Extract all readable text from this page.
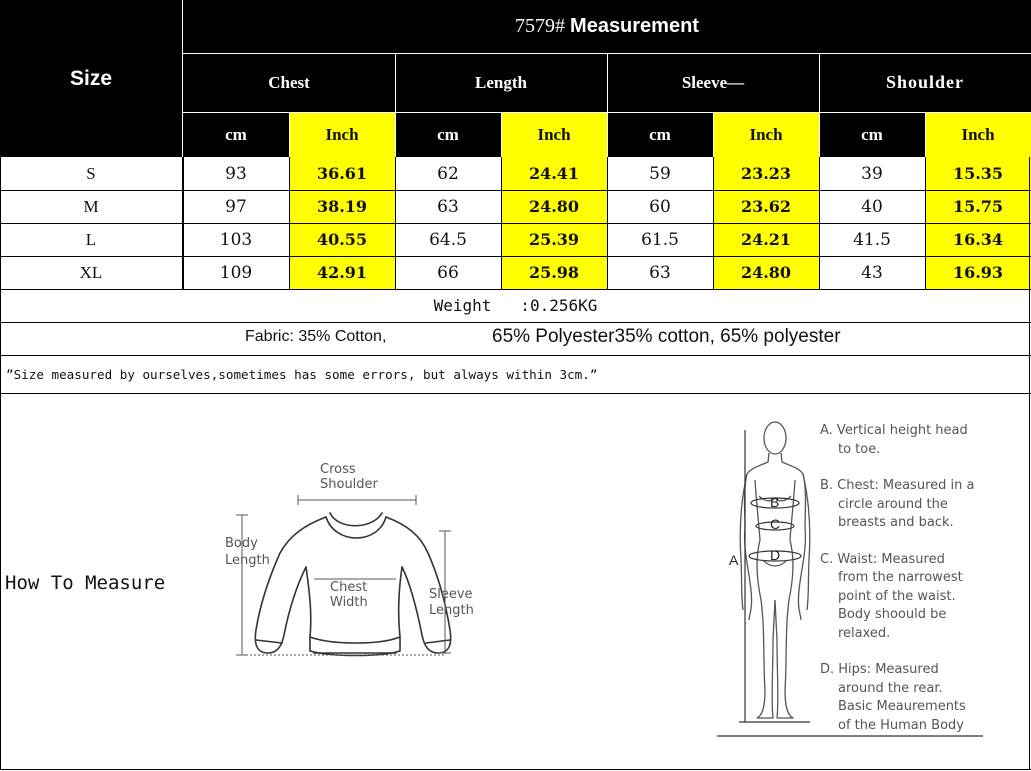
Size
7579# Measurement
Chest	Length	Sleeve—	Shoulder
cm	Inch	cm	Inch	cm	Inch	cm	Inch
S	93	36.61	62	24.41	59	23.23	39	15.35
M	97	38.19	63	24.80	60	23.62	40	15.75
L	103	40.55	64.5	25.39	61.5	24.21	41.5	16.34
XL	109	42.91	66	25.98	63	24.80	43	16.93
Weight   :0.256KG
Fabric: 35% Cotton,	65% Polyester35% cotton, 65% polyester
”Size measured by ourselves,sometimes has some errors, but always within 3cm.”
How To Measure
Cross
Shoulder
Body
Length
Chest
Width
Sleeve
Length
A
B
C
D
A. Vertical height head
to toe.
B. Chest: Measured in a
circle around the
breasts and back.
C. Waist: Measured
from the narrowest
point of the waist.
Body shoould be
relaxed.
D. Hips: Measured
around the rear.
Basic Meaurements
of the Human Body
